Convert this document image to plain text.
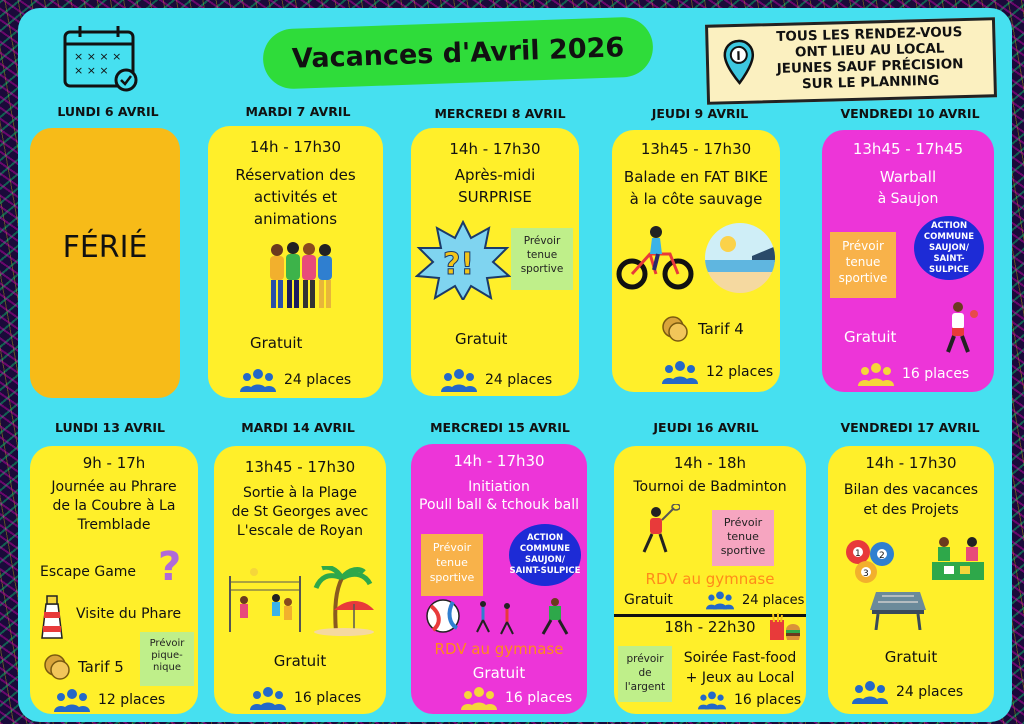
× × × ×
× × ×	Vacances d'Avril 2026	I
TOUS LES RENDEZ-VOUS
ONT LIEU AU LOCAL
JEUNES SAUF PRÉCISION
SUR LE PLANNING
LUNDI 6 AVRIL	MARDI 7 AVRIL	MERCREDI 8 AVRIL	JEUDI 9 AVRIL	VENDREDI 10 AVRIL
FÉRIÉ
14h - 17h30
Réservation des activités et animations
Gratuit
24 places
14h - 17h30
Après-midi
SURPRISE
?!
Prévoir tenue sportive
Gratuit
24 places
13h45 - 17h30
Balade en FAT BIKE à la côte sauvage
Tarif 4
12 places
13h45 - 17h45
Warball
à Saujon
Prévoir tenue sportive
ACTION
COMMUNE
SAUJON/
SAINT-SULPICE
Gratuit
16 places
LUNDI 13 AVRIL	MARDI 14 AVRIL	MERCREDI 15 AVRIL	JEUDI 16 AVRIL	VENDREDI 17 AVRIL
9h - 17h
Journée au Phrare
de la Coubre à La
Tremblade
Escape Game ?
Visite du Phare
Prévoir pique-nique
Tarif 5
12 places
13h45 - 17h30
Sortie à la Plage
de St Georges avec
L'escale de Royan
Gratuit
16 places
14h - 17h30
Initiation
Poull ball & tchouk ball
Prévoir tenue sportive
ACTION
COMMUNE
SAUJON/
SAINT-SULPICE
RDV au gymnase
Gratuit
16 places
14h - 18h
Tournoi de Badminton
Prévoir tenue sportive
RDV au gymnase
Gratuit	24 places
18h - 22h30
prévoir de l'argent
Soirée Fast-food
+ Jeux au Local
16 places
14h - 17h30
Bilan des vacances
et des Projets
1 2
3
Gratuit
24 places
